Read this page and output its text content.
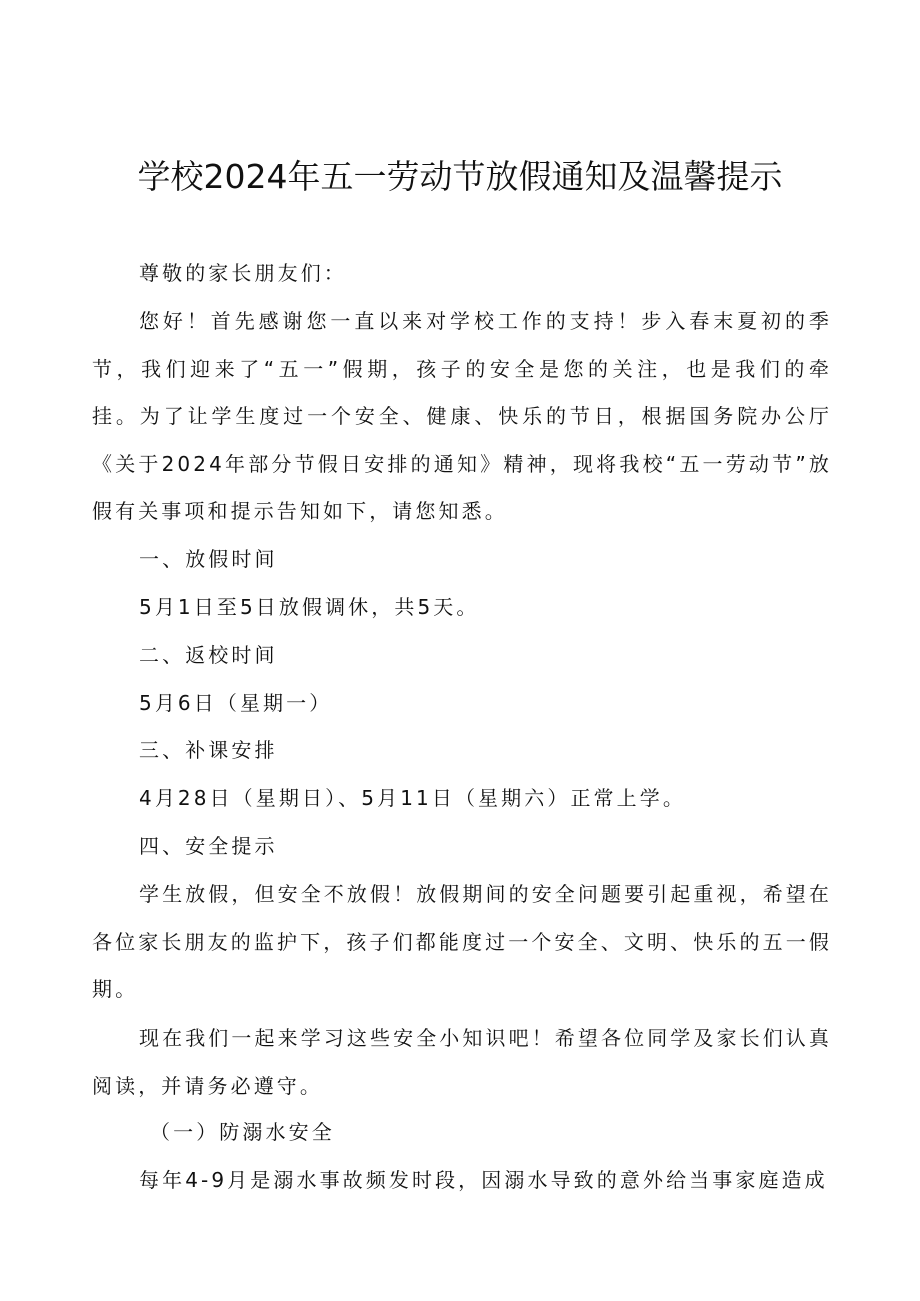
学校2024年五一劳动节放假通知及温馨提示

尊敬的家长朋友们：

您好！首先感谢您一直以来对学校工作的支持！步入春末夏初的季节，我们迎来了“五一”假期，孩子的安全是您的关注，也是我们的牵挂。为了让学生度过一个安全、健康、快乐的节日，根据国务院办公厅《关于2024年部分节假日安排的通知》精神，现将我校“五一劳动节”放假有关事项和提示告知如下，请您知悉。

一、放假时间

5月1日至5日放假调休，共5天。

二、返校时间

5月6日（星期一）

三、补课安排

4月28日（星期日）、5月11日（星期六）正常上学。

四、安全提示

学生放假，但安全不放假！放假期间的安全问题要引起重视，希望在各位家长朋友的监护下，孩子们都能度过一个安全、文明、快乐的五一假期。

现在我们一起来学习这些安全小知识吧！希望各位同学及家长们认真阅读，并请务必遵守。

（一）防溺水安全

每年4-9月是溺水事故频发时段，因溺水导致的意外给当事家庭造成
